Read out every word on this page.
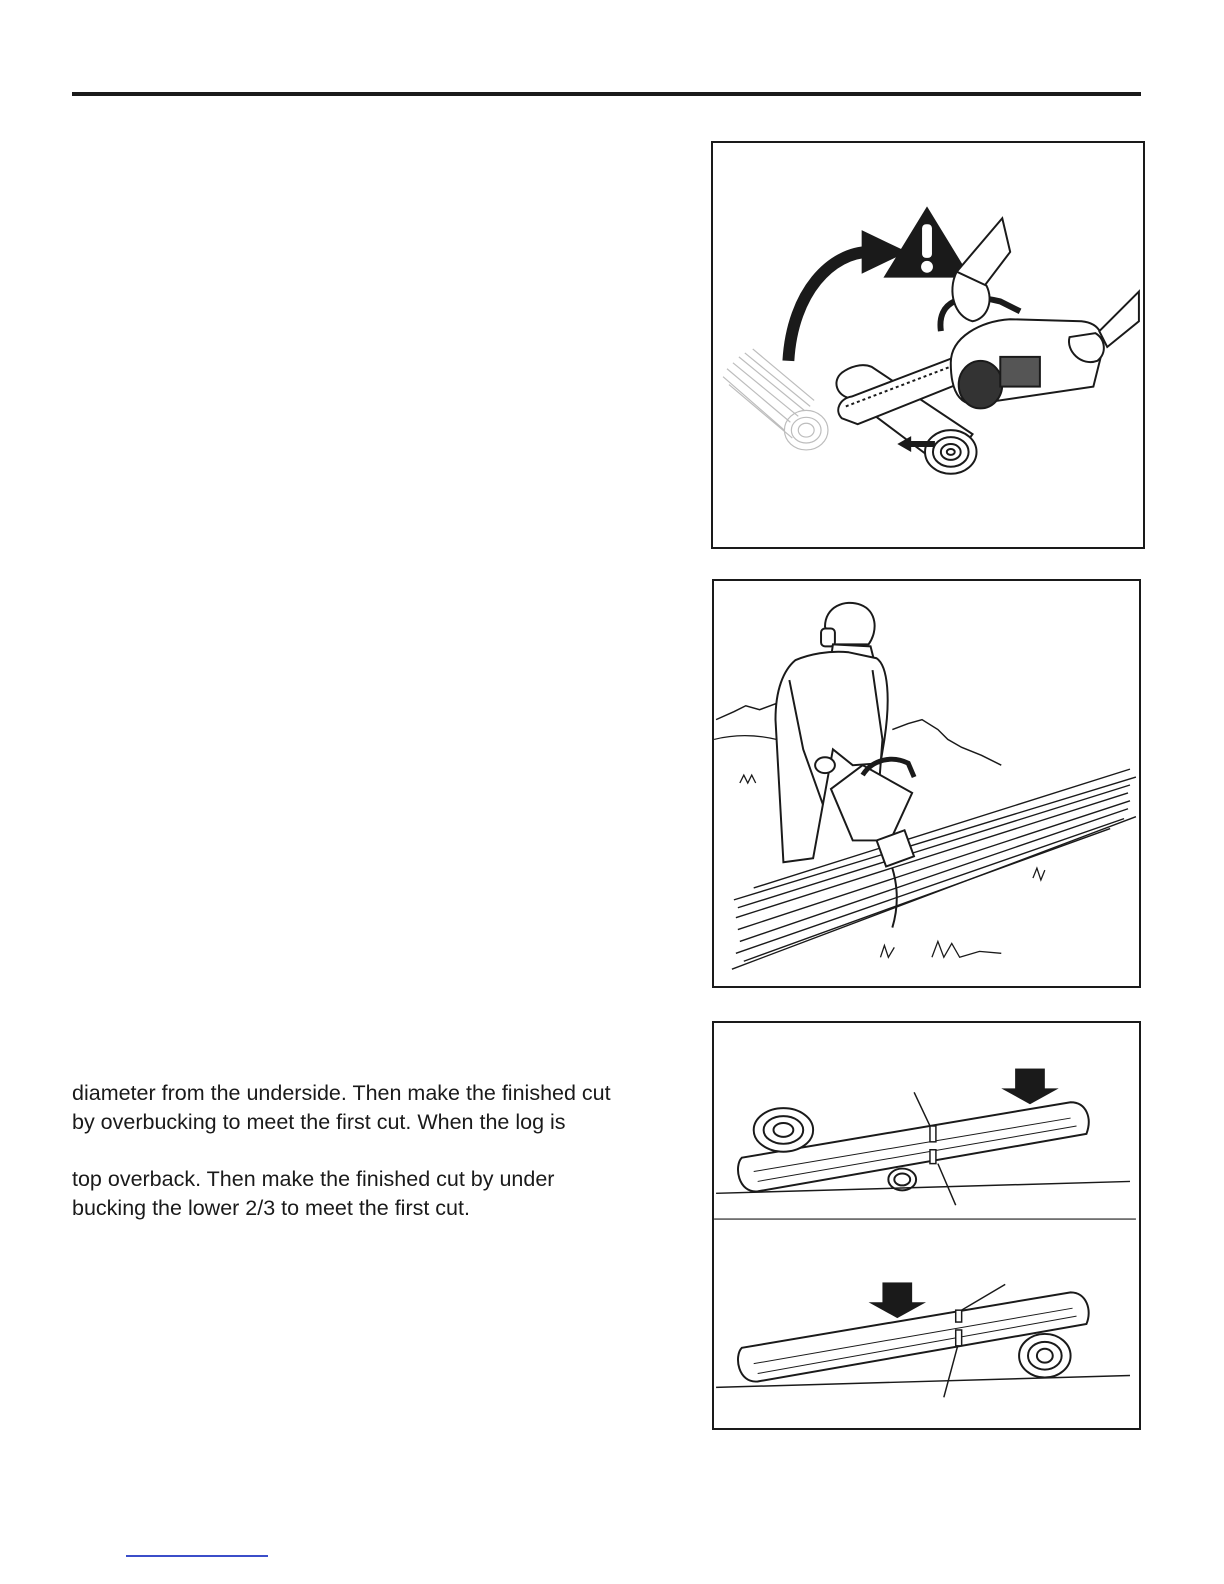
diameter from the underside. Then make the finished cut

by overbucking to meet the first cut. When the log is

top overback. Then make the finished cut by under

bucking the lower 2/3 to meet the first cut.
